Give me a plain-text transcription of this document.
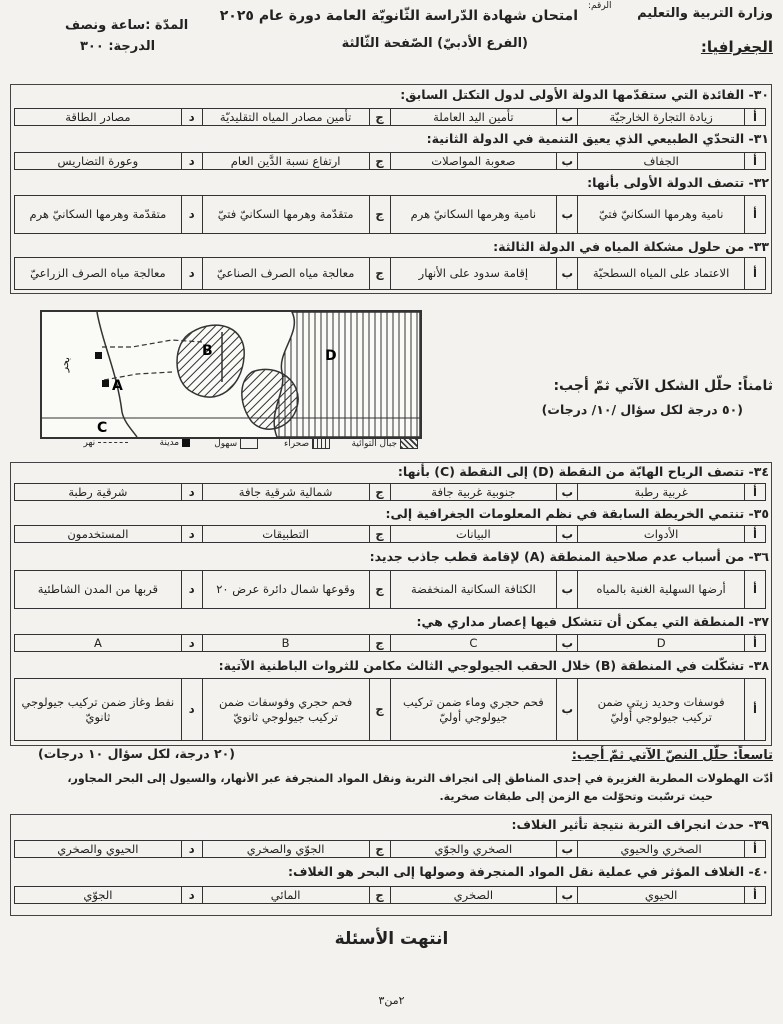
وزارة التربية والتعليم
امتحان شهادة الدّراسة الثّانويّة العامة دورة عام ٢٠٢٥
الرقم:
المدّة :ساعة ونصف
الجغرافيا:
(الفرع الأدبيّ) الصّفحة الثّالثة
الدرجة: ٣٠٠
٣٠- الفائدة التي ستقدّمها الدولة الأولى لدول التكتل السابق:
أ	زيادة التجارة الخارجيّة	ب	تأمين اليد العاملة	ج	تأمين مصادر المياه التقليديّة	د	مصادر الطاقة
٣١- التحدّي الطبيعي الذي يعيق التنمية في الدولة الثانية:
أ	الجفاف	ب	صعوبة المواصلات	ج	ارتفاع نسبة الدَّين العام	د	وعورة التضاريس
٣٢- تتصف الدولة الأولى بأنها:
أ	نامية وهرمها السكانيّ فتيّ	ب	نامية وهرمها السكانيّ هرم	ج	متقدّمة وهرمها السكانيّ فتيّ	د	متقدّمة وهرمها السكانيّ هرم
٣٣- من حلول مشكلة المياه في الدولة الثالثة:
أ	الاعتماد على المياه السطحيّة	ب	إقامة سدود على الأنهار	ج	معالجة مياه الصرف الصناعيّ	د	معالجة مياه الصرف الزراعيّ
A
B
C
D
بحر
جبال التوائية
صحراء
سهول
مدينة
نهر
ثامناً: حلّل الشكل الآتي ثمّ أجب:
(٥٠ درجة لكل سؤال /١٠/ درجات)
٣٤- تتصف الرياح الهابّة من النقطة (D) إلى النقطة (C) بأنها:
أ	غربية رطبة	ب	جنوبية غربية جافة	ج	شمالية شرقية جافة	د	شرقية رطبة
٣٥- تنتمي الخريطة السابقة في نظم المعلومات الجغرافية إلى:
أ	الأدوات	ب	البيانات	ج	التطبيقات	د	المستخدمون
٣٦- من أسباب عدم صلاحية المنطقة (A) لإقامة قطب جاذب جديد:
أ	أرضها السهلية الغنية بالمياه	ب	الكثافة السكانية المنخفضة	ج	وقوعها شمال دائرة عرض ٢٠	د	قربها من المدن الشاطئية
٣٧- المنطقة التي يمكن أن تتشكل فيها إعصار مداري هي:
أ	D	ب	C	ج	B	د	A
٣٨- تشكّلت في المنطقة (B) خلال الحقب الجيولوجي الثالث مكامن للثروات الباطنية الآتية:
أ	فوسفات وحديد زيتي ضمن تركيب جيولوجي أوليّ	ب	فحم حجري وماء ضمن تركيب جيولوجي أوليّ	ج	فحم حجري وفوسفات ضمن تركيب جيولوجي ثانويّ	د	نفط وغاز ضمن تركيب جيولوجي ثانويّ
(٢٠ درجة، لكل سؤال ١٠ درجات)	تاسعاً: حلّل النصّ الآتي ثمّ أجب:
أدّت الهطولات المطرية الغزيرة في إحدى المناطق إلى انجراف التربة ونقل المواد المنجرفة عبر الأنهار، والسيول إلى البحر المجاور،
حيث ترسّبت وتحوّلت مع الزمن إلى طبقات صخرية.
٣٩- حدث انجراف التربة نتيجة تأثير الغلاف:
أ	الصخري والحيوي	ب	الصخري والجوّي	ج	الجوّي والصخري	د	الحيوي والصخري
٤٠- الغلاف المؤثر في عملية نقل المواد المنجرفة وصولها إلى البحر هو الغلاف:
أ	الحيوي	ب	الصخري	ج	المائي	د	الجوّي
انتهت الأسئلة
٢من٣
